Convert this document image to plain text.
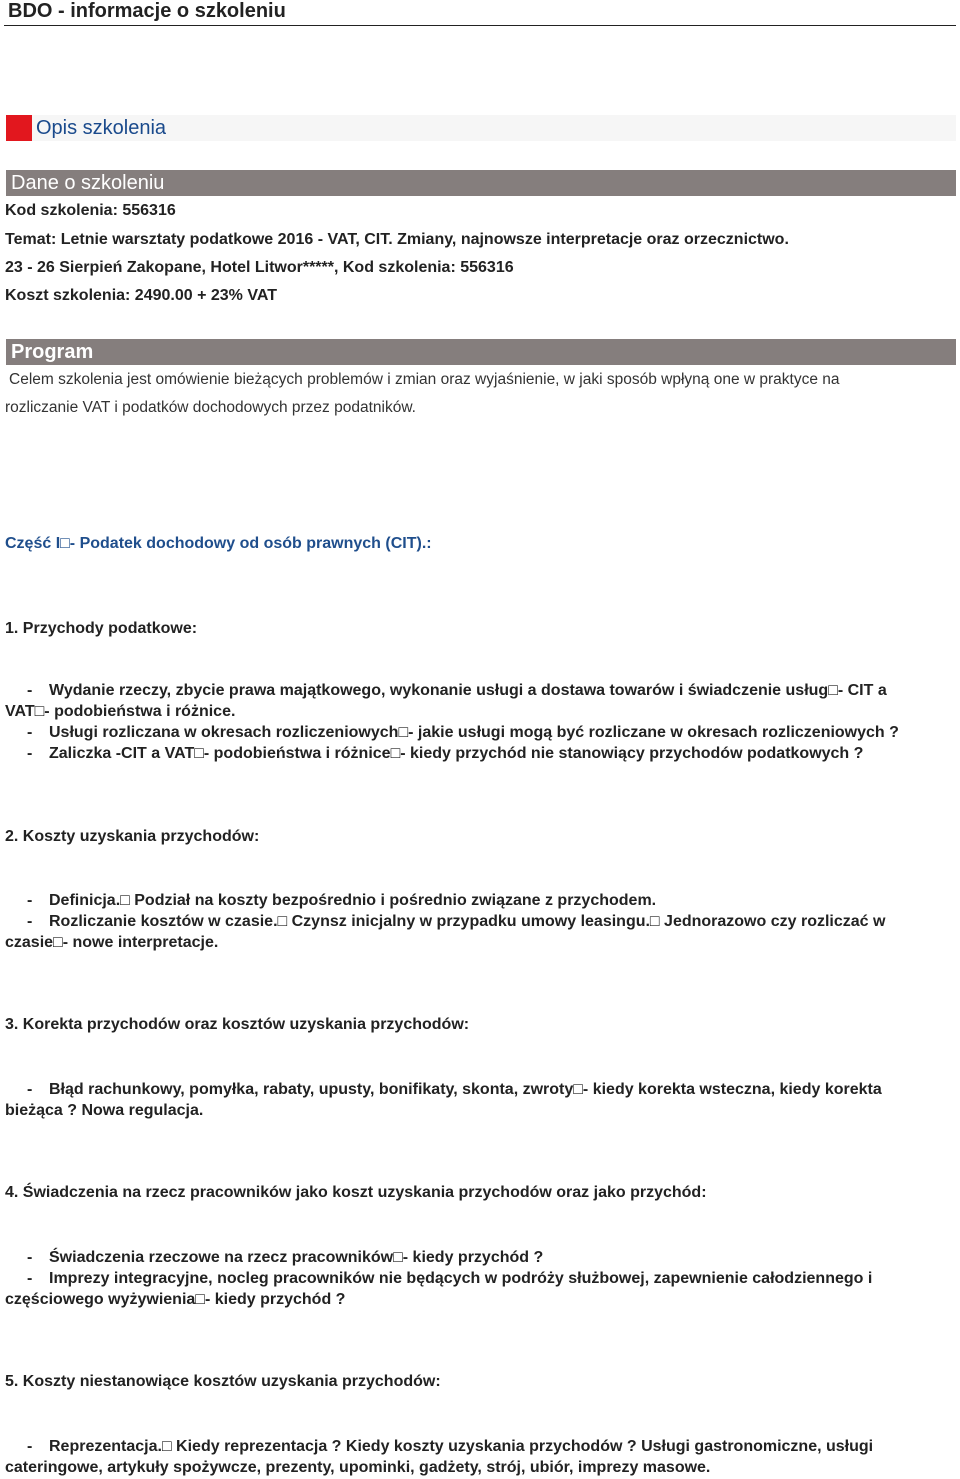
BDO - informacje o szkoleniu
Opis szkolenia
Dane o szkoleniu
Kod szkolenia: 556316
Temat: Letnie warsztaty podatkowe 2016 - VAT, CIT. Zmiany, najnowsze interpretacje oraz orzecznictwo.
23 - 26 Sierpień Zakopane, Hotel Litwor*****, Kod szkolenia: 556316
Koszt szkolenia: 2490.00 + 23% VAT
Program
Celem szkolenia jest omówienie bieżących problemów i zmian oraz wyjaśnienie, w jaki sposób wpłyną one w praktyce na
rozliczanie VAT i podatków dochodowych przez podatników.
Część I□- Podatek dochodowy od osób prawnych (CIT).:
1. Przychody podatkowe:
- Wydanie rzeczy, zbycie prawa majątkowego, wykonanie usługi a dostawa towarów i świadczenie usług□- CIT a
VAT□- podobieństwa i różnice.
- Usługi rozliczana w okresach rozliczeniowych□- jakie usługi mogą być rozliczane w okresach rozliczeniowych ?
- Zaliczka -CIT a VAT□- podobieństwa i różnice□- kiedy przychód nie stanowiący przychodów podatkowych ?
2. Koszty uzyskania przychodów:
- Definicja.□ Podział na koszty bezpośrednio i pośrednio związane z przychodem.
- Rozliczanie kosztów w czasie.□ Czynsz inicjalny w przypadku umowy leasingu.□ Jednorazowo czy rozliczać w
czasie□- nowe interpretacje.
3. Korekta przychodów oraz kosztów uzyskania przychodów:
- Błąd rachunkowy, pomyłka, rabaty, upusty, bonifikaty, skonta, zwroty□- kiedy korekta wsteczna, kiedy korekta
bieżąca ? Nowa regulacja.
4. Świadczenia na rzecz pracowników jako koszt uzyskania przychodów oraz jako przychód:
- Świadczenia rzeczowe na rzecz pracowników□- kiedy przychód ?
- Imprezy integracyjne, nocleg pracowników nie będących w podróży służbowej, zapewnienie całodziennego i
częściowego wyżywienia□- kiedy przychód ?
5. Koszty niestanowiące kosztów uzyskania przychodów:
- Reprezentacja.□ Kiedy reprezentacja ? Kiedy koszty uzyskania przychodów ? Usługi gastronomiczne, usługi
cateringowe, artykuły spożywcze, prezenty, upominki, gadżety, strój, ubiór, imprezy masowe.
